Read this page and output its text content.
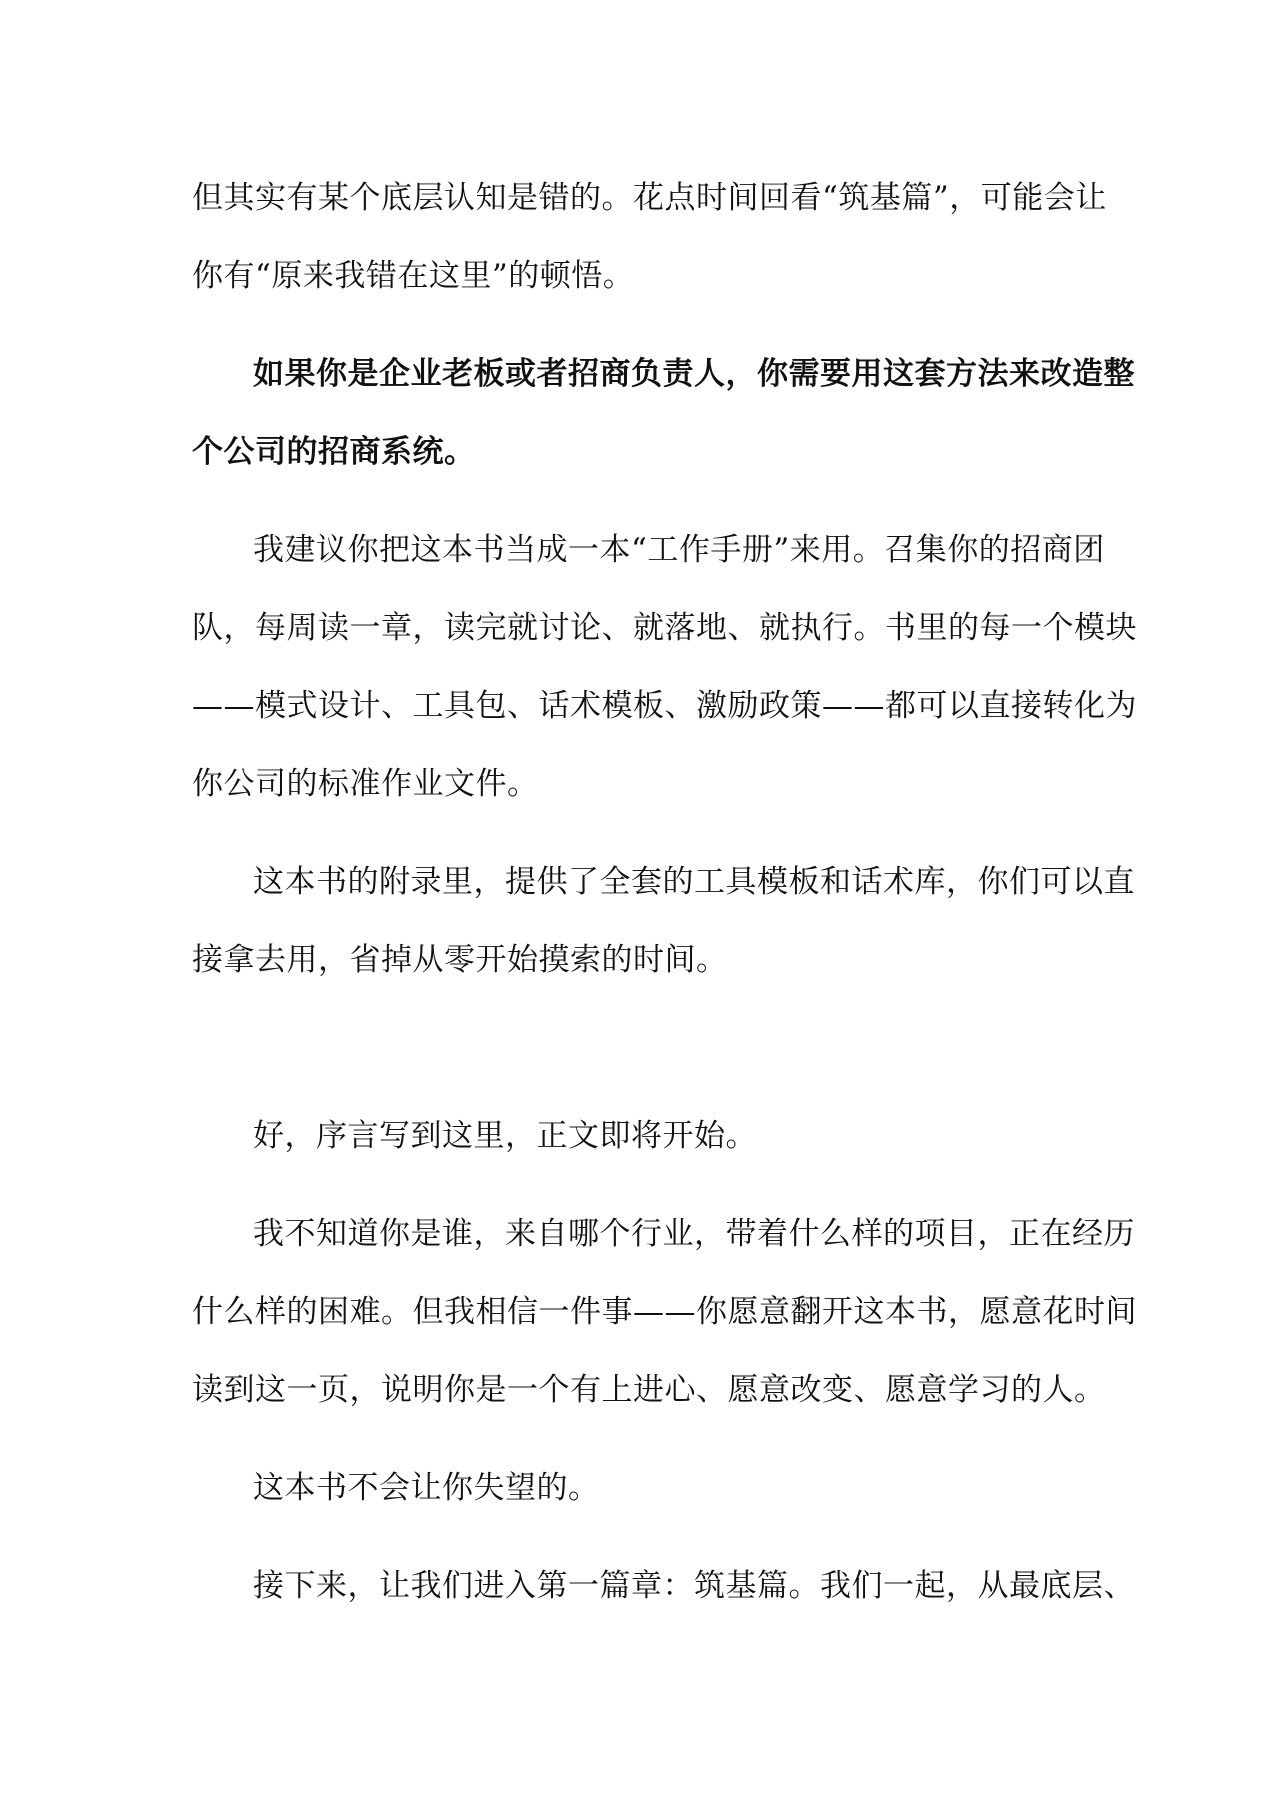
但其实有某个底层认知是错的。花点时间回看“筑基篇”，可能会让
你有“原来我错在这里”的顿悟。
如果你是企业老板或者招商负责人，你需要用这套方法来改造整
个公司的招商系统。
我建议你把这本书当成一本“工作手册”来用。召集你的招商团
队，每周读一章，读完就讨论、就落地、就执行。书里的每一个模块
——模式设计、工具包、话术模板、激励政策——都可以直接转化为
你公司的标准作业文件。
这本书的附录里，提供了全套的工具模板和话术库，你们可以直
接拿去用，省掉从零开始摸索的时间。
好，序言写到这里，正文即将开始。
我不知道你是谁，来自哪个行业，带着什么样的项目，正在经历
什么样的困难。但我相信一件事——你愿意翻开这本书，愿意花时间
读到这一页，说明你是一个有上进心、愿意改变、愿意学习的人。
这本书不会让你失望的。
接下来，让我们进入第一篇章：筑基篇。我们一起，从最底层、
